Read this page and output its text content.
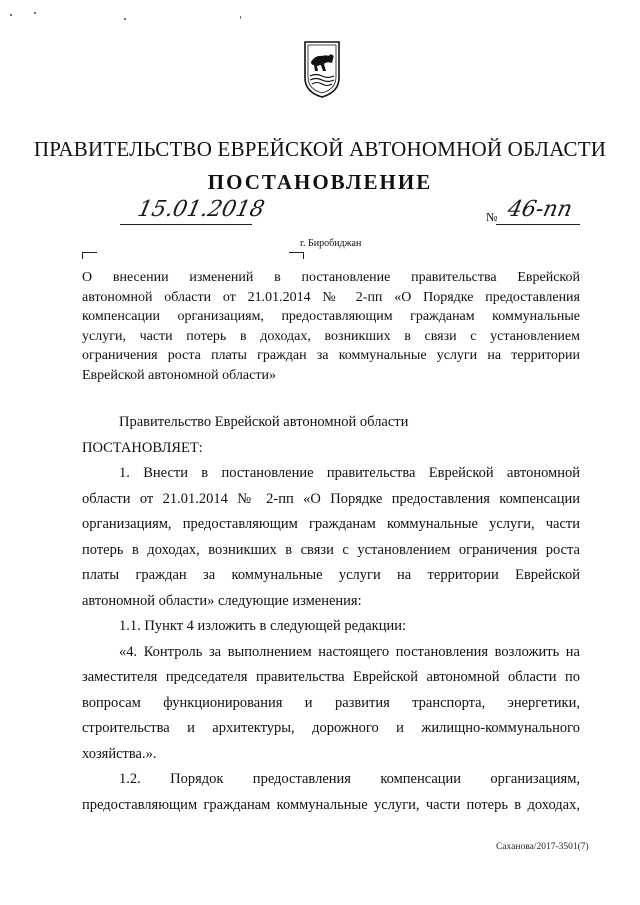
ПРАВИТЕЛЬСТВО ЕВРЕЙСКОЙ АВТОНОМНОЙ ОБЛАСТИ
ПОСТАНОВЛЕНИЕ
15.01.2018	№ 46-пп
г. Биробиджан
О внесении изменений в постановление правительства Еврейской
автономной области от 21.01.2014 № 2-пп «О Порядке предоставления
компенсации организациям, предоставляющим гражданам коммунальные
услуги, части потерь в доходах, возникших в связи с установлением
ограничения роста платы граждан за коммунальные услуги на территории
Еврейской автономной области»
Правительство Еврейской автономной области
ПОСТАНОВЛЯЕТ:
1. Внести в постановление правительства Еврейской автономной
области от 21.01.2014 № 2-пп «О Порядке предоставления компенсации
организациям, предоставляющим гражданам коммунальные услуги, части
потерь в доходах, возникших в связи с установлением ограничения роста
платы граждан за коммунальные услуги на территории Еврейской
автономной области» следующие изменения:
1.1. Пункт 4 изложить в следующей редакции:
«4. Контроль за выполнением настоящего постановления возложить на
заместителя председателя правительства Еврейской автономной области по
вопросам функционирования и развития транспорта, энергетики,
строительства и архитектуры, дорожного и жилищно-коммунального
хозяйства.».
1.2. Порядок предоставления компенсации организациям,
предоставляющим гражданам коммунальные услуги, части потерь в доходах,
Саханова/2017-3501(7)
